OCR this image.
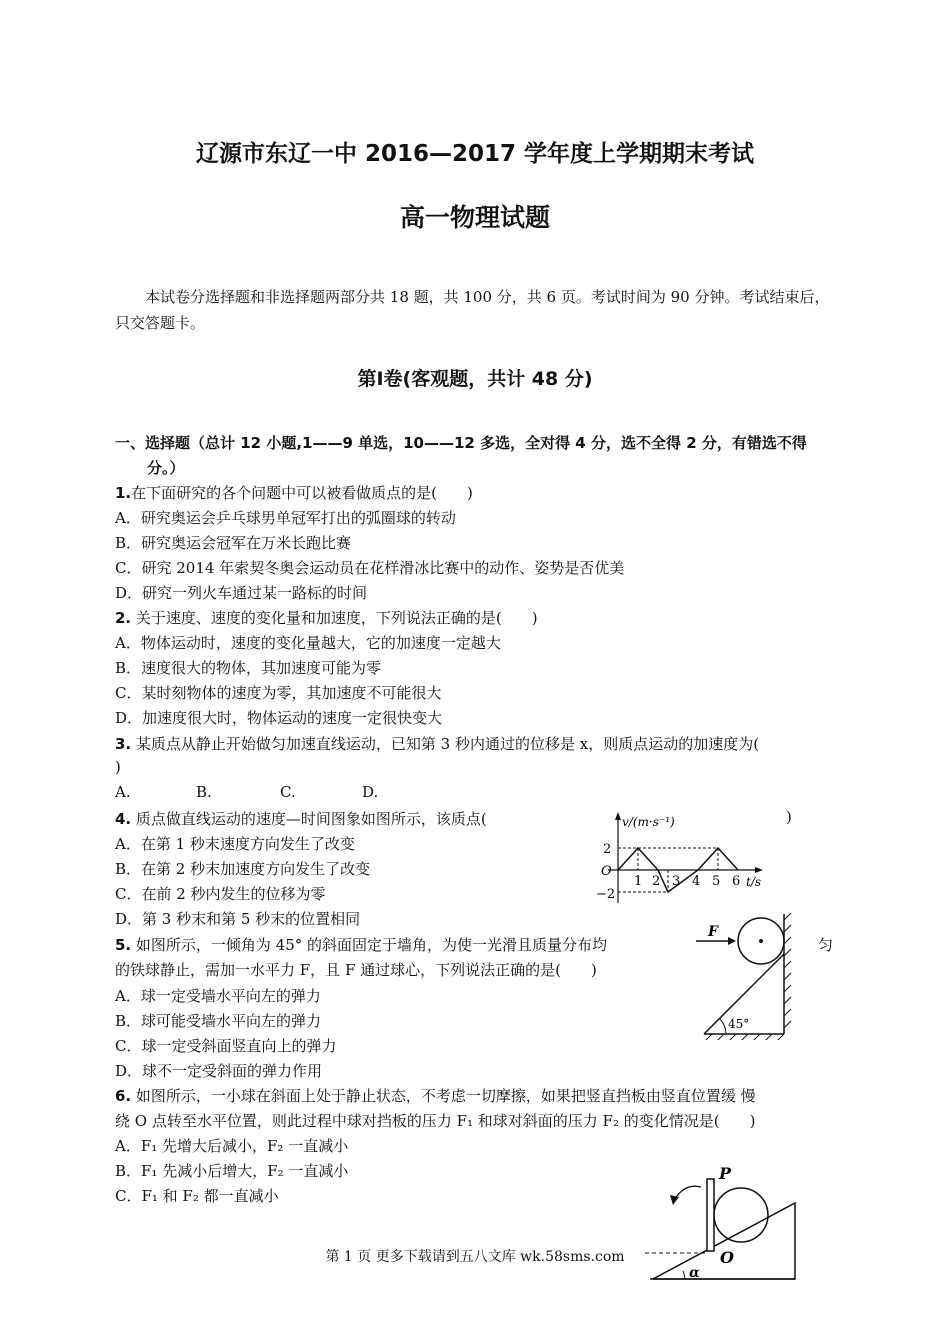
辽源市东辽一中 2016—2017 学年度上学期期末考试
高一物理试题
本试卷分选择题和非选择题两部分共 18 题，共 100 分，共 6 页。考试时间为 90 分钟。考试结束后，只交答题卡。
第Ⅰ卷(客观题，共计 48 分)
一、选择题（总计 12 小题,1——9 单选，10——12 多选，全对得 4 分，选不全得 2 分，有错选不得
分。）
1.在下面研究的各个问题中可以被看做质点的是(　　)
A．研究奥运会乒乓球男单冠军打出的弧圈球的转动
B．研究奥运会冠军在万米长跑比赛
C．研究 2014 年索契冬奥会运动员在花样滑冰比赛中的动作、姿势是否优美
D．研究一列火车通过某一路标的时间
2. 关于速度、速度的变化量和加速度，下列说法正确的是(　　)
A．物体运动时，速度的变化量越大，它的加速度一定越大
B．速度很大的物体，其加速度可能为零
C．某时刻物体的速度为零，其加速度不可能很大
D．加速度很大时，物体运动的速度一定很快变大
3. 某质点从静止开始做匀加速直线运动，已知第 3 秒内通过的位移是 x，则质点运动的加速度为(
)
A.	B.	C.	D.
4. 质点做直线运动的速度—时间图象如图所示，该质点(	)
A．在第 1 秒末速度方向发生了改变
B．在第 2 秒末加速度方向发生了改变
C．在前 2 秒内发生的位移为零
D．第 3 秒末和第 5 秒末的位置相同
v/(m·s⁻¹)
t/s
O
2
−2
1 2 3 4 5 6
5. 如图所示，一倾角为 45° 的斜面固定于墙角，为使一光滑且质量分布均	匀
的铁球静止，需加一水平力 F，且 F 通过球心，下列说法正确的是(　　)
A．球一定受墙水平向左的弹力
B．球可能受墙水平向左的弹力
C．球一定受斜面竖直向上的弹力
D．球不一定受斜面的弹力作用
45°
F
6. 如图所示，一小球在斜面上处于静止状态，不考虑一切摩擦，如果把竖直挡板由竖直位置缓 慢
绕 O 点转至水平位置，则此过程中球对挡板的压力 F₁ 和球对斜面的压力 F₂ 的变化情况是(　　)
A．F₁ 先增大后减小，F₂ 一直减小
B．F₁ 先减小后增大，F₂ 一直减小
C．F₁ 和 F₂ 都一直减小
P
O
α
第 1 页 更多下载请到五八文库 wk.58sms.com
